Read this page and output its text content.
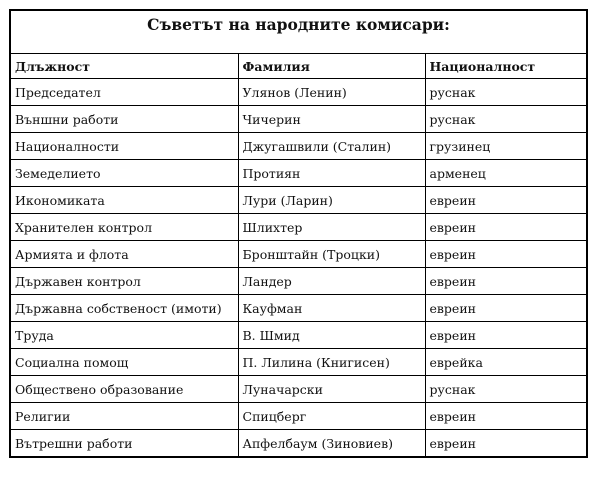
Съветът на народните комисари:		
Длъжност	Фамилия	Националност
Председател	Улянов (Ленин)	руснак
Външни работи	Чичерин	руснак
Националности	Джугашвили (Сталин)	грузинец
Земеделието	Протиян	арменец
Икономиката	Лури (Ларин)	евреин
Хранителен контрол	Шлихтер	евреин
Армията и флота	Бронштайн (Троцки)	евреин
Държавен контрол	Ландер	евреин
Държавна собственост (имоти)	Кауфман	евреин
Труда	В. Шмид	евреин
Социална помощ	П. Лилина (Книгисен)	еврейка
Обществено образование	Луначарски	руснак
Религии	Спицберг	евреин
Вътрешни работи	Апфелбаум (Зиновиев)	евреин
